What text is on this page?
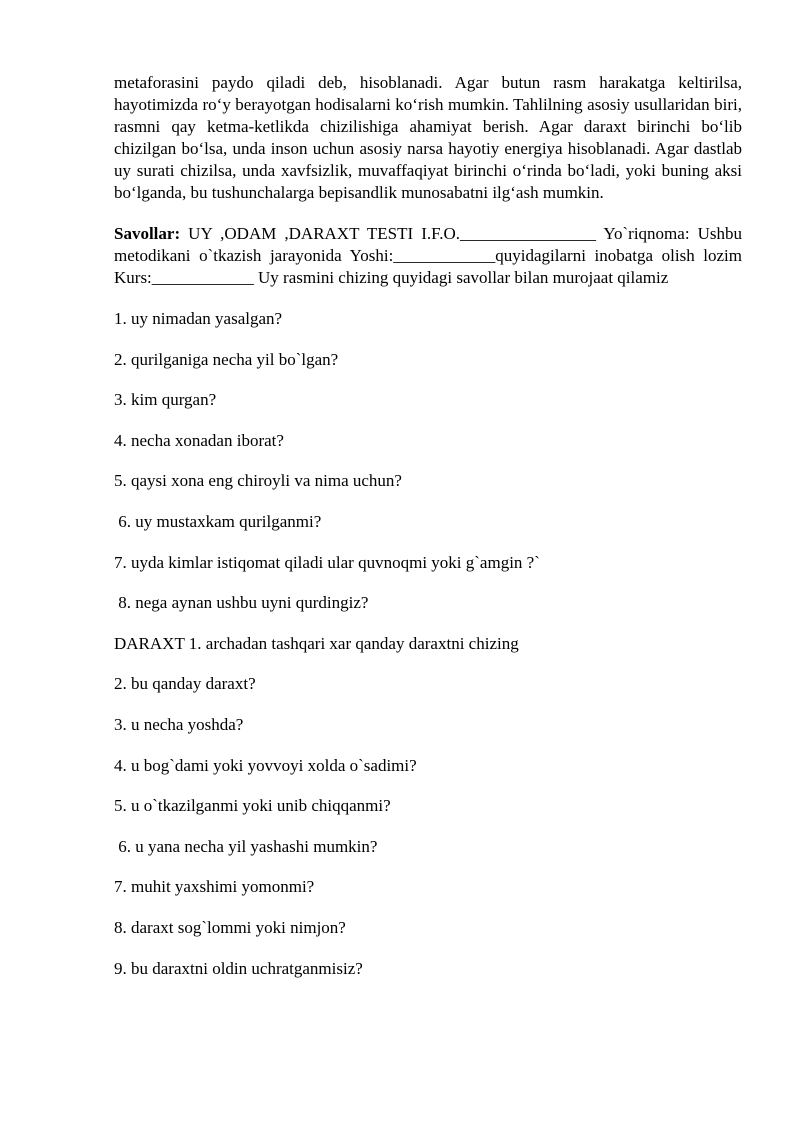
metaforasini paydo qiladi deb, hisoblanadi. Agar butun rasm harakatga keltirilsa, hayotimizda ro‘y berayotgan hodisalarni ko‘rish mumkin. Tahlilning asosiy usullaridan biri, rasmni qay ketma-ketlikda chizilishiga ahamiyat berish. Agar daraxt birinchi bo‘lib chizilgan bo‘lsa, unda inson uchun asosiy narsa hayotiy energiya hisoblanadi. Agar dastlab uy surati chizilsa, unda xavfsizlik, muvaffaqiyat birinchi o‘rinda bo‘ladi, yoki buning aksi bo‘lganda, bu tushunchalarga bepisandlik munosabatni ilg‘ash mumkin.

Savollar: UY ,ODAM ,DARAXT TESTI I.F.O.________________ Yo`riqnoma: Ushbu metodikani o`tkazish jarayonida Yoshi:____________quyidagilarni inobatga olish lozim Kurs:____________ Uy rasmini chizing quyidagi savollar bilan murojaat qilamiz

1. uy nimadan yasalgan?

2. qurilganiga necha yil bo`lgan?

3. kim qurgan?

4. necha xonadan iborat?

5. qaysi xona eng chiroyli va nima uchun?

6. uy mustaxkam qurilganmi?

7. uyda kimlar istiqomat qiladi ular quvnoqmi yoki g`amgin ?`

8. nega aynan ushbu uyni qurdingiz?

DARAXT 1. archadan tashqari xar qanday daraxtni chizing

2. bu qanday daraxt?

3. u necha yoshda?

4. u bog`dami yoki yovvoyi xolda o`sadimi?

5. u o`tkazilganmi yoki unib chiqqanmi?

6. u yana necha yil yashashi mumkin?

7. muhit yaxshimi yomonmi?

8. daraxt sog`lommi yoki nimjon?

9. bu daraxtni oldin uchratganmisiz?
